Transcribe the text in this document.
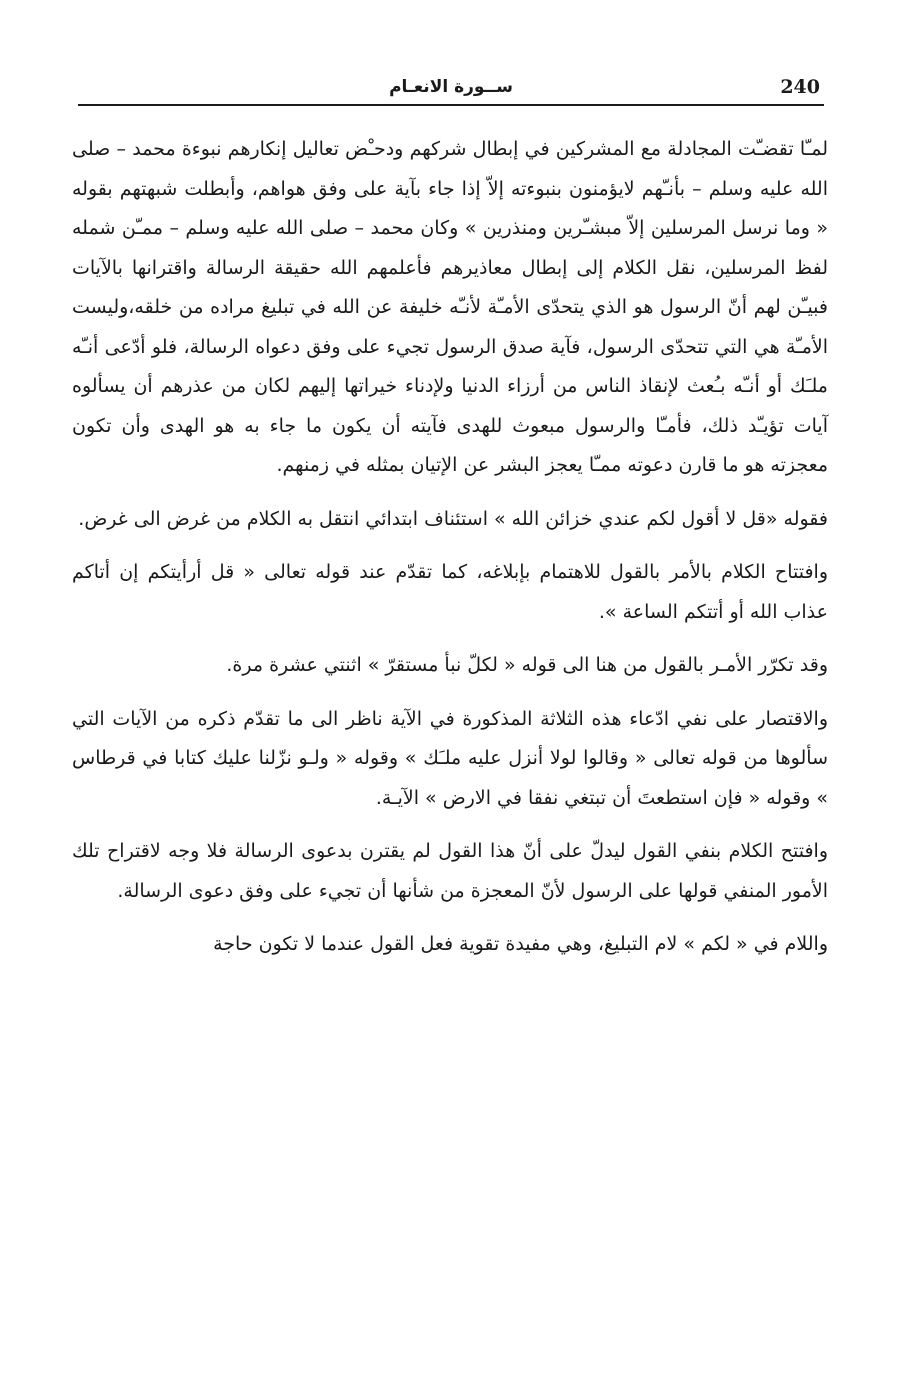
240
ســورة الانعـام

لمـّا تقضـّت المجادلة مع المشركين في إبطال شركهم ودحـْض تعاليل إنكارهم نبوءة محمد – صلى الله عليه وسلم – بأنـّهم لايؤمنون بنبوءته إلاّ إذا جاء بآية على وفق هواهم، وأبطلت شبهتهم بقوله « وما نرسل المرسلين إلاّ مبشـّرين ومنذرين » وكان محمد – صلى الله عليه وسلم – ممـّن شمله لفظ المرسلين، نقل الكلام إلى إبطال معاذيرهم فأعلمهم الله حقيقة الرسالة واقترانها بالآيات فبيـّن لهم أنّ الرسول هو الذي يتحدّى الأمـّة لأنـّه خليفة عن الله في تبليغ مراده من خلقه،وليست الأمـّة هي التي تتحدّى الرسول، فآية صدق الرسول تجيء على وفق دعواه الرسالة، فلو أدّعى أنـّه ملـَك أو أنـّه بـُعث لإنقاذ الناس من أرزاء الدنيا ولإدناء خيراتها إليهم لكان من عذرهم أن يسألوه آيات تؤيـّد ذلك، فأمـّا والرسول مبعوث للهدى فآيته أن يكون ما جاء به هو الهدى وأن تكون معجزته هو ما قارن دعوته ممـّا يعجز البشر عن الإتيان بمثله في زمنهم.

فقوله «قل لا أقول لكم عندي خزائن الله » استئناف ابتدائي انتقل به الكلام من غرض الى غرض.

وافتتاح الكلام بالأمر بالقول للاهتمام بإبلاغه، كما تقدّم عند قوله تعالى « قل أرأيتكم إن أتاكم عذاب الله أو أتتكم الساعة ».

وقد تكرّر الأمـر بالقول من هنا الى قوله « لكلّ نبأ مستقرّ » اثنتي عشرة مرة.

والاقتصار على نفي ادّعاء هذه الثلاثة المذكورة في الآية ناظر الى ما تقدّم ذكره من الآيات التي سألوها من قوله تعالى « وقالوا لولا أنزل عليه ملـَك » وقوله « ولـو نزّلنا عليك كتابا في قرطاس » وقوله « فإن استطعتَ أن تبتغي نفقا في الارض » الآيـة.

وافتتح الكلام بنفي القول ليدلّ على أنّ هذا القول لم يقترن بدعوى الرسالة فلا وجه لاقتراح تلك الأمور المنفي قولها على الرسول لأنّ المعجزة من شأنها أن تجيء على وفق دعوى الرسالة.

واللام في « لكم » لام التبليغ، وهي مفيدة تقوية فعل القول عندما لا تكون حاجة
